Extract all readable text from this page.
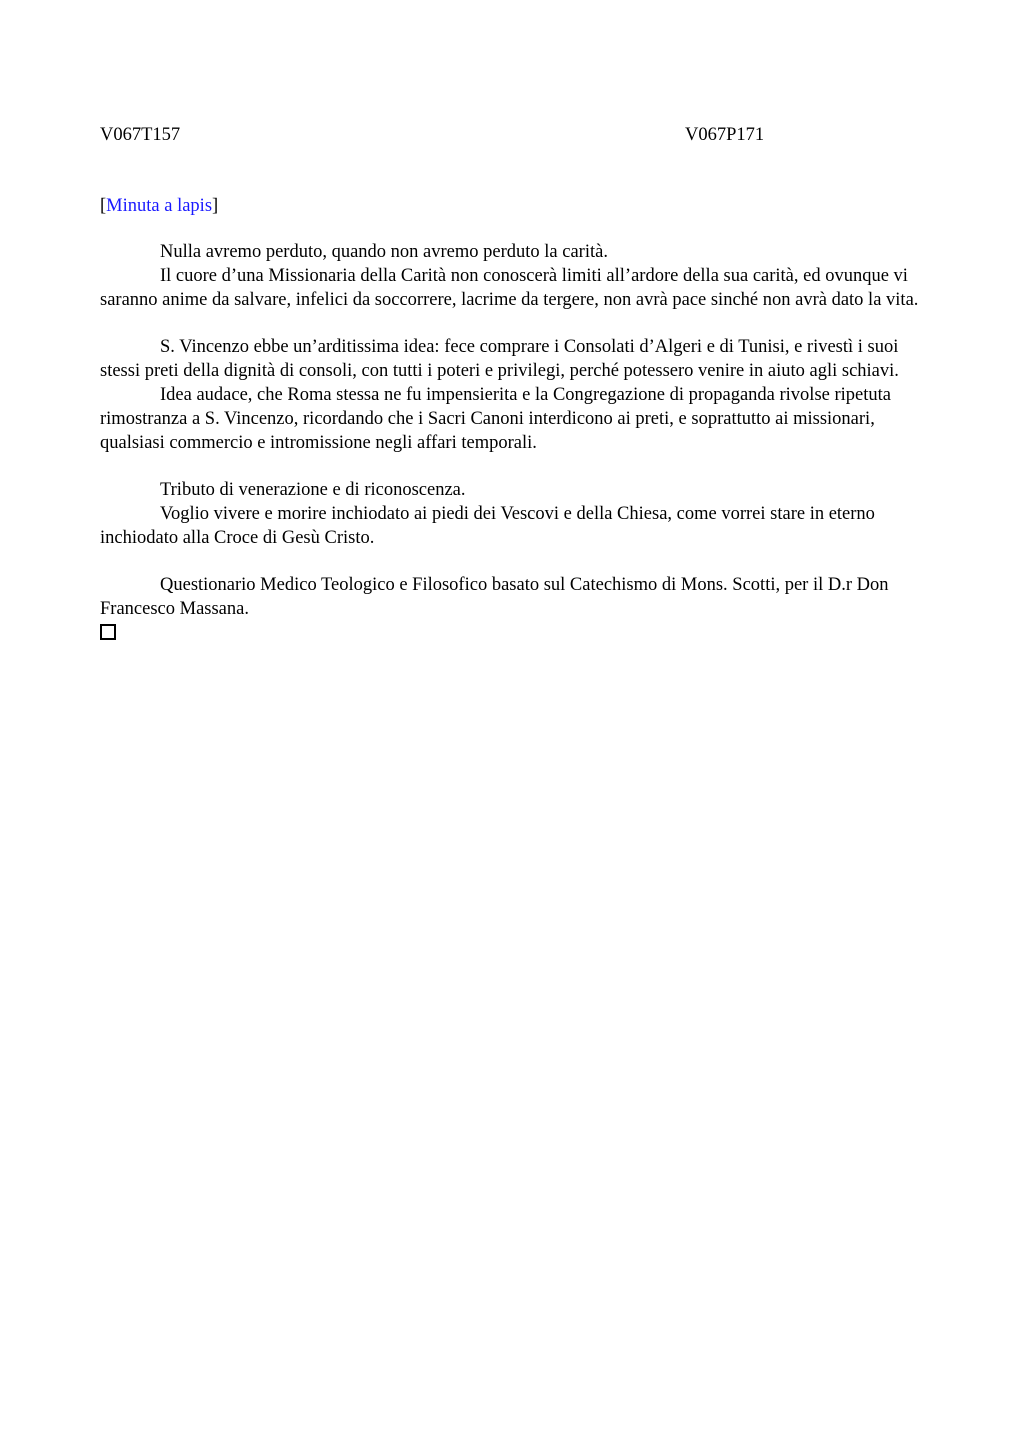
V067T157	V067P171
[Minuta a lapis]

Nulla avremo perduto, quando non avremo perduto la carità.

Il cuore d’una Missionaria della Carità non conoscerà limiti all’ardore della sua carità, ed ovunque vi saranno anime da salvare, infelici da soccorrere, lacrime da tergere, non avrà pace sinché non avrà dato la vita.

S. Vincenzo ebbe un’arditissima idea: fece comprare i Consolati d’Algeri e di Tunisi, e rivestì i suoi stessi preti della dignità di consoli, con tutti i poteri e privilegi, perché potessero venire in aiuto agli schiavi.

Idea audace, che Roma stessa ne fu impensierita e la Congregazione di propaganda rivolse ripetuta rimostranza a S. Vincenzo, ricordando che i Sacri Canoni interdicono ai preti, e soprattutto ai missionari, qualsiasi commercio e intromissione negli affari temporali.

Tributo di venerazione e di riconoscenza.

Voglio vivere e morire inchiodato ai piedi dei Vescovi e della Chiesa, come vorrei stare in eterno inchiodato alla Croce di Gesù Cristo.

Questionario Medico Teologico e Filosofico basato sul Catechismo di Mons. Scotti, per il D.r Don Francesco Massana.
